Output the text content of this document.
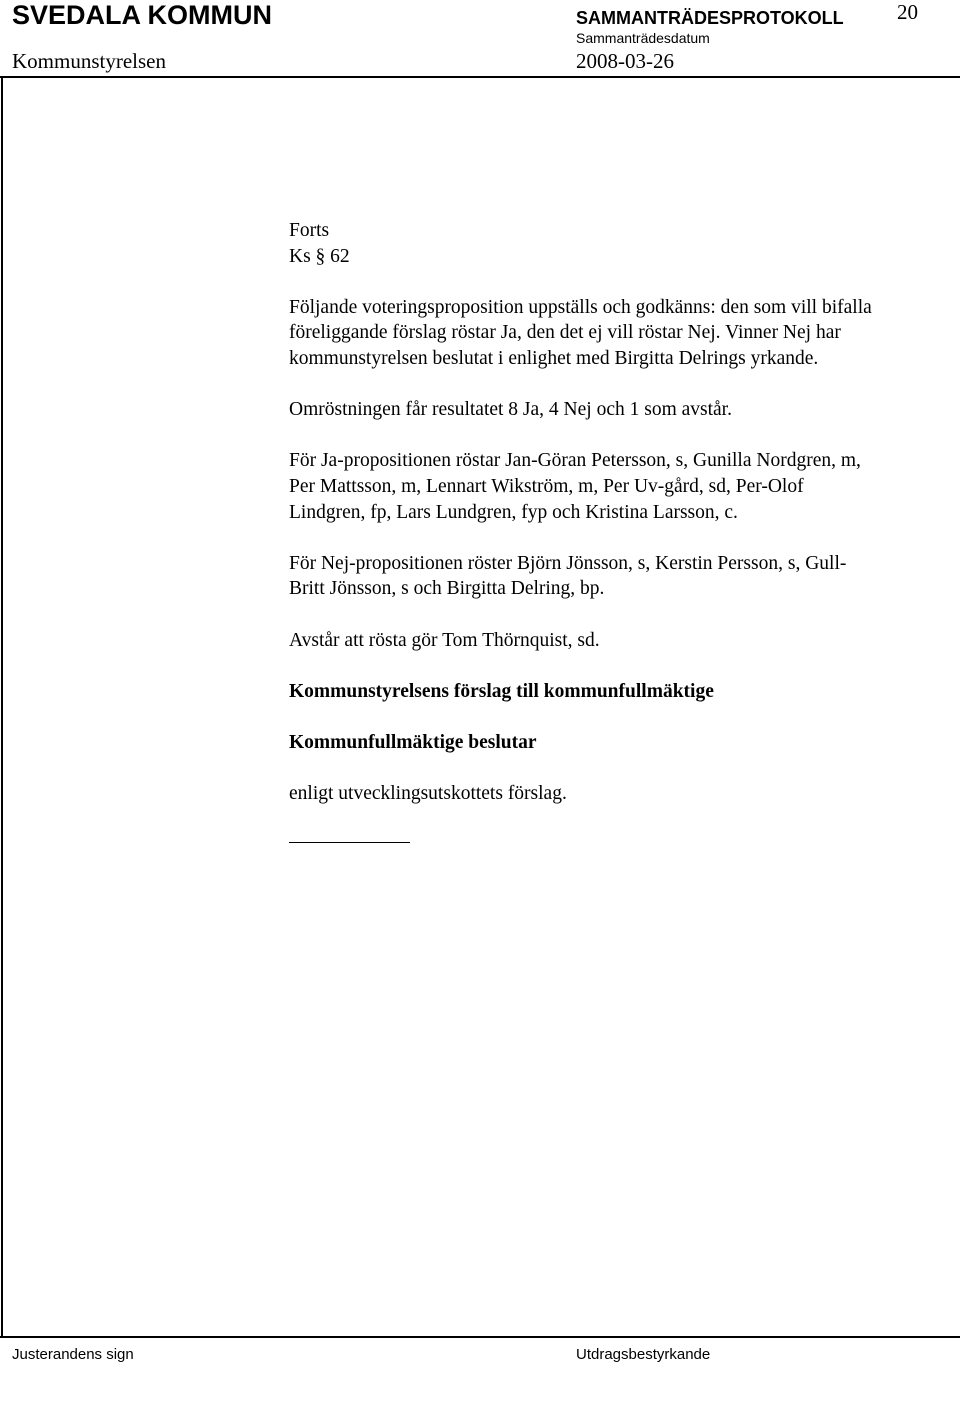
SVEDALA KOMMUN	SAMMANTRÄDESPROTOKOLL	20
Kommunstyrelsen
Sammanträdesdatum
2008-03-26

Forts

Ks § 62

Följande voteringsproposition uppställs och godkänns: den som vill bifalla föreliggande förslag röstar Ja, den det ej vill röstar Nej. Vinner Nej har kommunstyrelsen beslutat i enlighet med Birgitta Delrings yrkande.

Omröstningen får resultatet 8 Ja, 4 Nej och 1 som avstår.

För Ja-propositionen röstar Jan-Göran Petersson, s, Gunilla Nordgren, m, Per Mattsson, m, Lennart Wikström, m, Per Uv-gård, sd, Per-Olof Lindgren, fp, Lars Lundgren, fyp och Kristina Larsson, c.

För Nej-propositionen röster Björn Jönsson, s, Kerstin Persson, s, Gull-Britt Jönsson, s och Birgitta Delring, bp.

Avstår att rösta gör Tom Thörnquist, sd.

Kommunstyrelsens förslag till kommunfullmäktige

Kommunfullmäktige beslutar

enligt utvecklingsutskottets förslag.

Justerandens sign	Utdragsbestyrkande
